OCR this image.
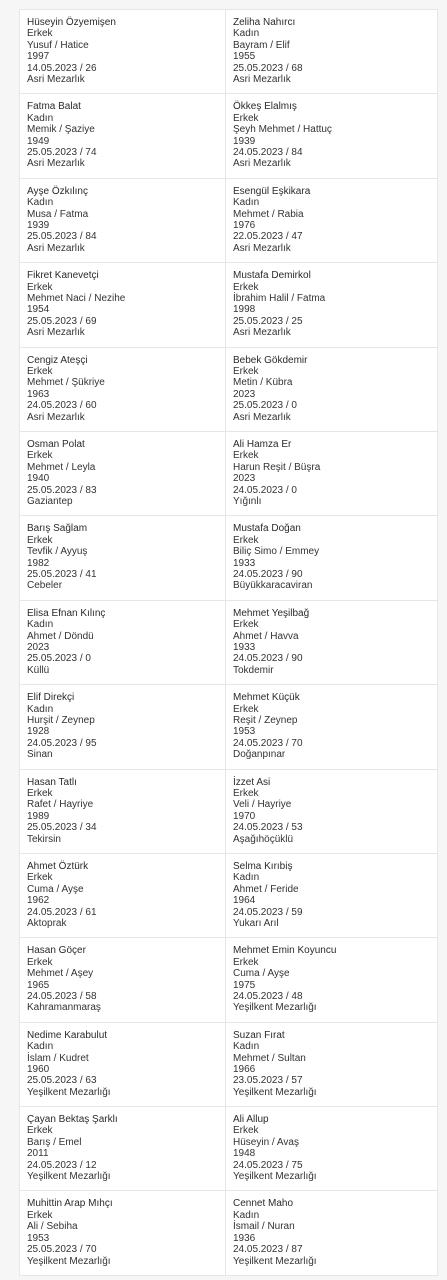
Hüseyin Özyemişen
Erkek
Yusuf / Hatice
1997
14.05.2023 / 26
Asri Mezarlık
Zeliha Nahırcı
Kadın
Bayram / Elif
1955
25.05.2023 / 68
Asri Mezarlık
Fatma Balat
Kadın
Memik / Şaziye
1949
25.05.2023 / 74
Asri Mezarlık
Ökkeş Elalmış
Erkek
Şeyh Mehmet / Hattuç
1939
24.05.2023 / 84
Asri Mezarlık
Ayşe Özkılınç
Kadın
Musa / Fatma
1939
25.05.2023 / 84
Asri Mezarlık
Esengül Eşkikara
Kadın
Mehmet / Rabia
1976
22.05.2023 / 47
Asri Mezarlık
Fikret Kanevetçi
Erkek
Mehmet Naci / Nezihe
1954
25.05.2023 / 69
Asri Mezarlık
Mustafa Demirkol
Erkek
İbrahim Halil / Fatma
1998
25.05.2023 / 25
Asri Mezarlık
Cengiz Ateşçi
Erkek
Mehmet / Şükriye
1963
24.05.2023 / 60
Asri Mezarlık
Bebek Gökdemir
Erkek
Metin / Kübra
2023
25.05.2023 / 0
Asri Mezarlık
Osman Polat
Erkek
Mehmet / Leyla
1940
25.05.2023 / 83
Gaziantep
Ali Hamza Er
Erkek
Harun Reşit / Büşra
2023
24.05.2023 / 0
Yığınlı
Barış Sağlam
Erkek
Tevfik / Ayyuş
1982
25.05.2023 / 41
Cebeler
Mustafa Doğan
Erkek
Biliç Simo / Emmey
1933
24.05.2023 / 90
Büyükkaracaviran
Elisa Efnan Kılınç
Kadın
Ahmet / Döndü
2023
25.05.2023 / 0
Küllü
Mehmet Yeşilbağ
Erkek
Ahmet / Havva
1933
24.05.2023 / 90
Tokdemir
Elif Direkçi
Kadın
Hurşit / Zeynep
1928
24.05.2023 / 95
Sinan
Mehmet Küçük
Erkek
Reşit / Zeynep
1953
24.05.2023 / 70
Doğanpınar
Hasan Tatlı
Erkek
Rafet / Hayriye
1989
25.05.2023 / 34
Tekirsin
İzzet Asi
Erkek
Veli / Hayriye
1970
24.05.2023 / 53
Aşağıhöçüklü
Ahmet Öztürk
Erkek
Cuma / Ayşe
1962
24.05.2023 / 61
Aktoprak
Selma Kırıbiş
Kadın
Ahmet / Feride
1964
24.05.2023 / 59
Yukarı Arıl
Hasan Göçer
Erkek
Mehmet / Aşey
1965
24.05.2023 / 58
Kahramanmaraş
Mehmet Emin Koyuncu
Erkek
Cuma / Ayşe
1975
24.05.2023 / 48
Yeşilkent Mezarlığı
Nedime Karabulut
Kadın
İslam / Kudret
1960
25.05.2023 / 63
Yeşilkent Mezarlığı
Suzan Fırat
Kadın
Mehmet / Sultan
1966
23.05.2023 / 57
Yeşilkent Mezarlığı
Çayan Bektaş Şarklı
Erkek
Barış / Emel
2011
24.05.2023 / 12
Yeşilkent Mezarlığı
Ali Allup
Erkek
Hüseyin / Avaş
1948
24.05.2023 / 75
Yeşilkent Mezarlığı
Muhittin Arap Mıhçı
Erkek
Ali / Sebiha
1953
25.05.2023 / 70
Yeşilkent Mezarlığı
Cennet Maho
Kadın
İsmail / Nuran
1936
24.05.2023 / 87
Yeşilkent Mezarlığı
